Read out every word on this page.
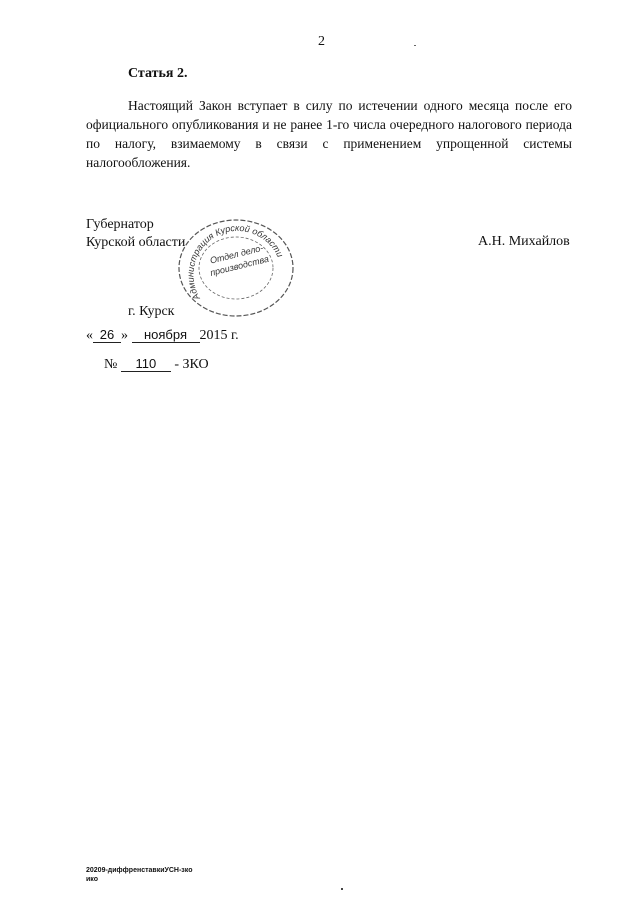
2
Статья 2.

Настоящий Закон вступает в силу по истечении одного месяца после его официального опубликования и не ранее 1-го числа очередного налогового периода по налогу, взимаемому в связи с применением упрощенной системы налогообложения.

Губернатор
Курской области
Администрация Курской области
Отдел делопроизводства
А.Н. Михайлов
г. Курск
« 26 » ноября 2015 г.
№ 110 - ЗКО
20209-диффренставкиУСН-зко
ико
